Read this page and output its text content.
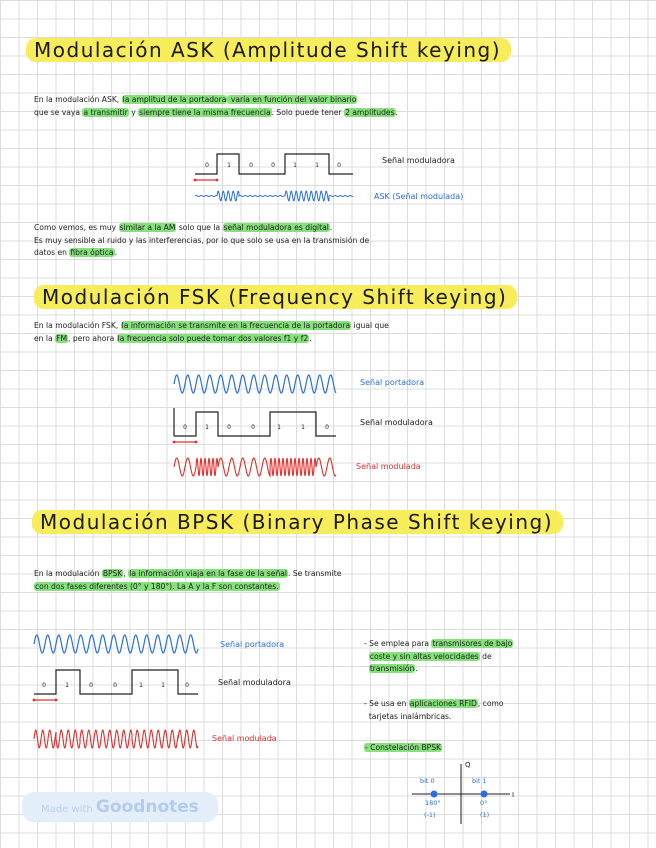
Modulación ASK (Amplitude Shift keying)
En la modulación ASK, la amplitud de la portadora varía en función del valor binario
que se vaya a transmitir y siempre tiene la misma frecuencia. Solo puede tener 2 amplitudes.
0	1	0	0	1	1	0
Señal moduladora
ASK (Señal modulada)
Como vemos, es muy similar a la AM solo que la señal moduladora es digital.
Es muy sensible al ruido y las interferencias, por lo que solo se usa en la transmisión de
datos en fibra óptica.
Modulación FSK (Frequency Shift keying)
En la modulación FSK, la información se transmite en la frecuencia de la portadora igual que
en la FM, pero ahora la frecuencia solo puede tomar dos valores f1 y f2.
Señal portadora
0	1	0	0	1	1	0
Señal moduladora
Señal modulada
Modulación BPSK (Binary Phase Shift keying)
En la modulación BPSK, la información viaja en la fase de la señal. Se transmite
con dos fases diferentes (0° y 180°). La A y la F son constantes.
Señal portadora
0	1	0	0	1	1	0	Señal moduladora
Señal modulada
- Se emplea para transmisores de bajo
coste y sin altas velocidades de
transmisión.
- Se usa en aplicaciones RFID, como
tarjetas inalámbricas.
- Constelación BPSK
Q
I
bit 0	bit 1
180°	0°
(-1)	(1)
Made with Goodnotes
